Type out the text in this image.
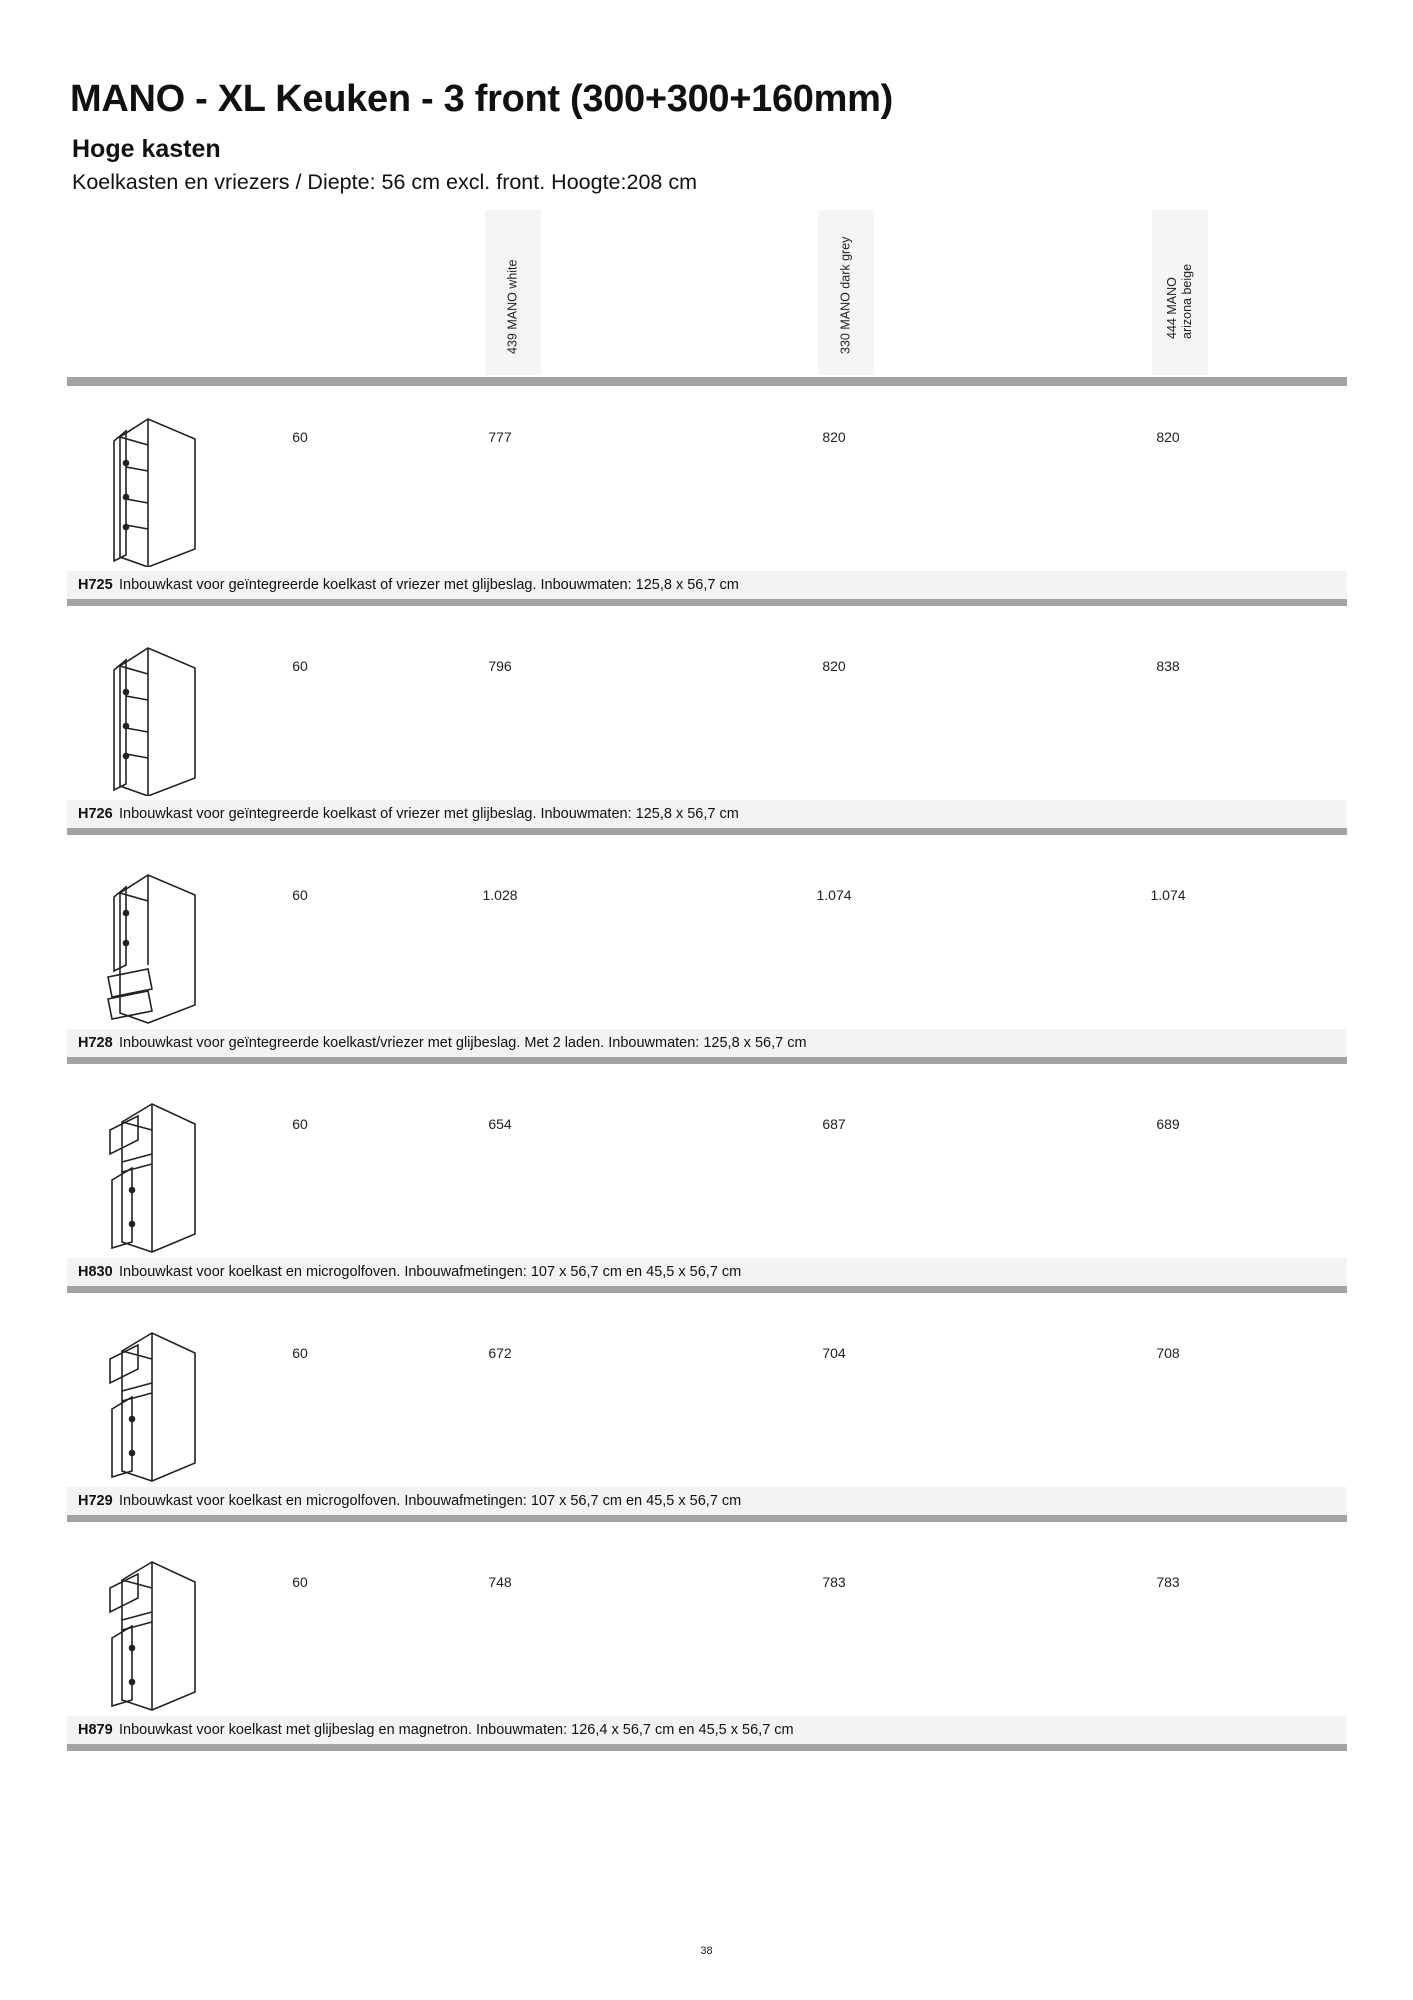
MANO - XL Keuken - 3 front (300+300+160mm)
Hoge kasten
Koelkasten en vriezers / Diepte: 56 cm excl. front. Hoogte:208 cm
439 MANO white	330 MANO dark grey	444 MANO
arizona beige
60	777	820	820
H725 Inbouwkast voor geïntegreerde koelkast of vriezer met glijbeslag. Inbouwmaten: 125,8 x 56,7 cm
60	796	820	838
H726 Inbouwkast voor geïntegreerde koelkast of vriezer met glijbeslag. Inbouwmaten: 125,8 x 56,7 cm
60	1.028	1.074	1.074
H728 Inbouwkast voor geïntegreerde koelkast/vriezer met glijbeslag. Met 2 laden. Inbouwmaten: 125,8 x 56,7 cm
60	654	687	689
H830 Inbouwkast voor koelkast en microgolfoven. Inbouwafmetingen: 107 x 56,7 cm en 45,5 x 56,7 cm
60	672	704	708
H729 Inbouwkast voor koelkast en microgolfoven. Inbouwafmetingen: 107 x 56,7 cm en 45,5 x 56,7 cm
60	748	783	783
H879 Inbouwkast voor koelkast met glijbeslag en magnetron. Inbouwmaten: 126,4 x 56,7 cm en 45,5 x 56,7 cm
38
